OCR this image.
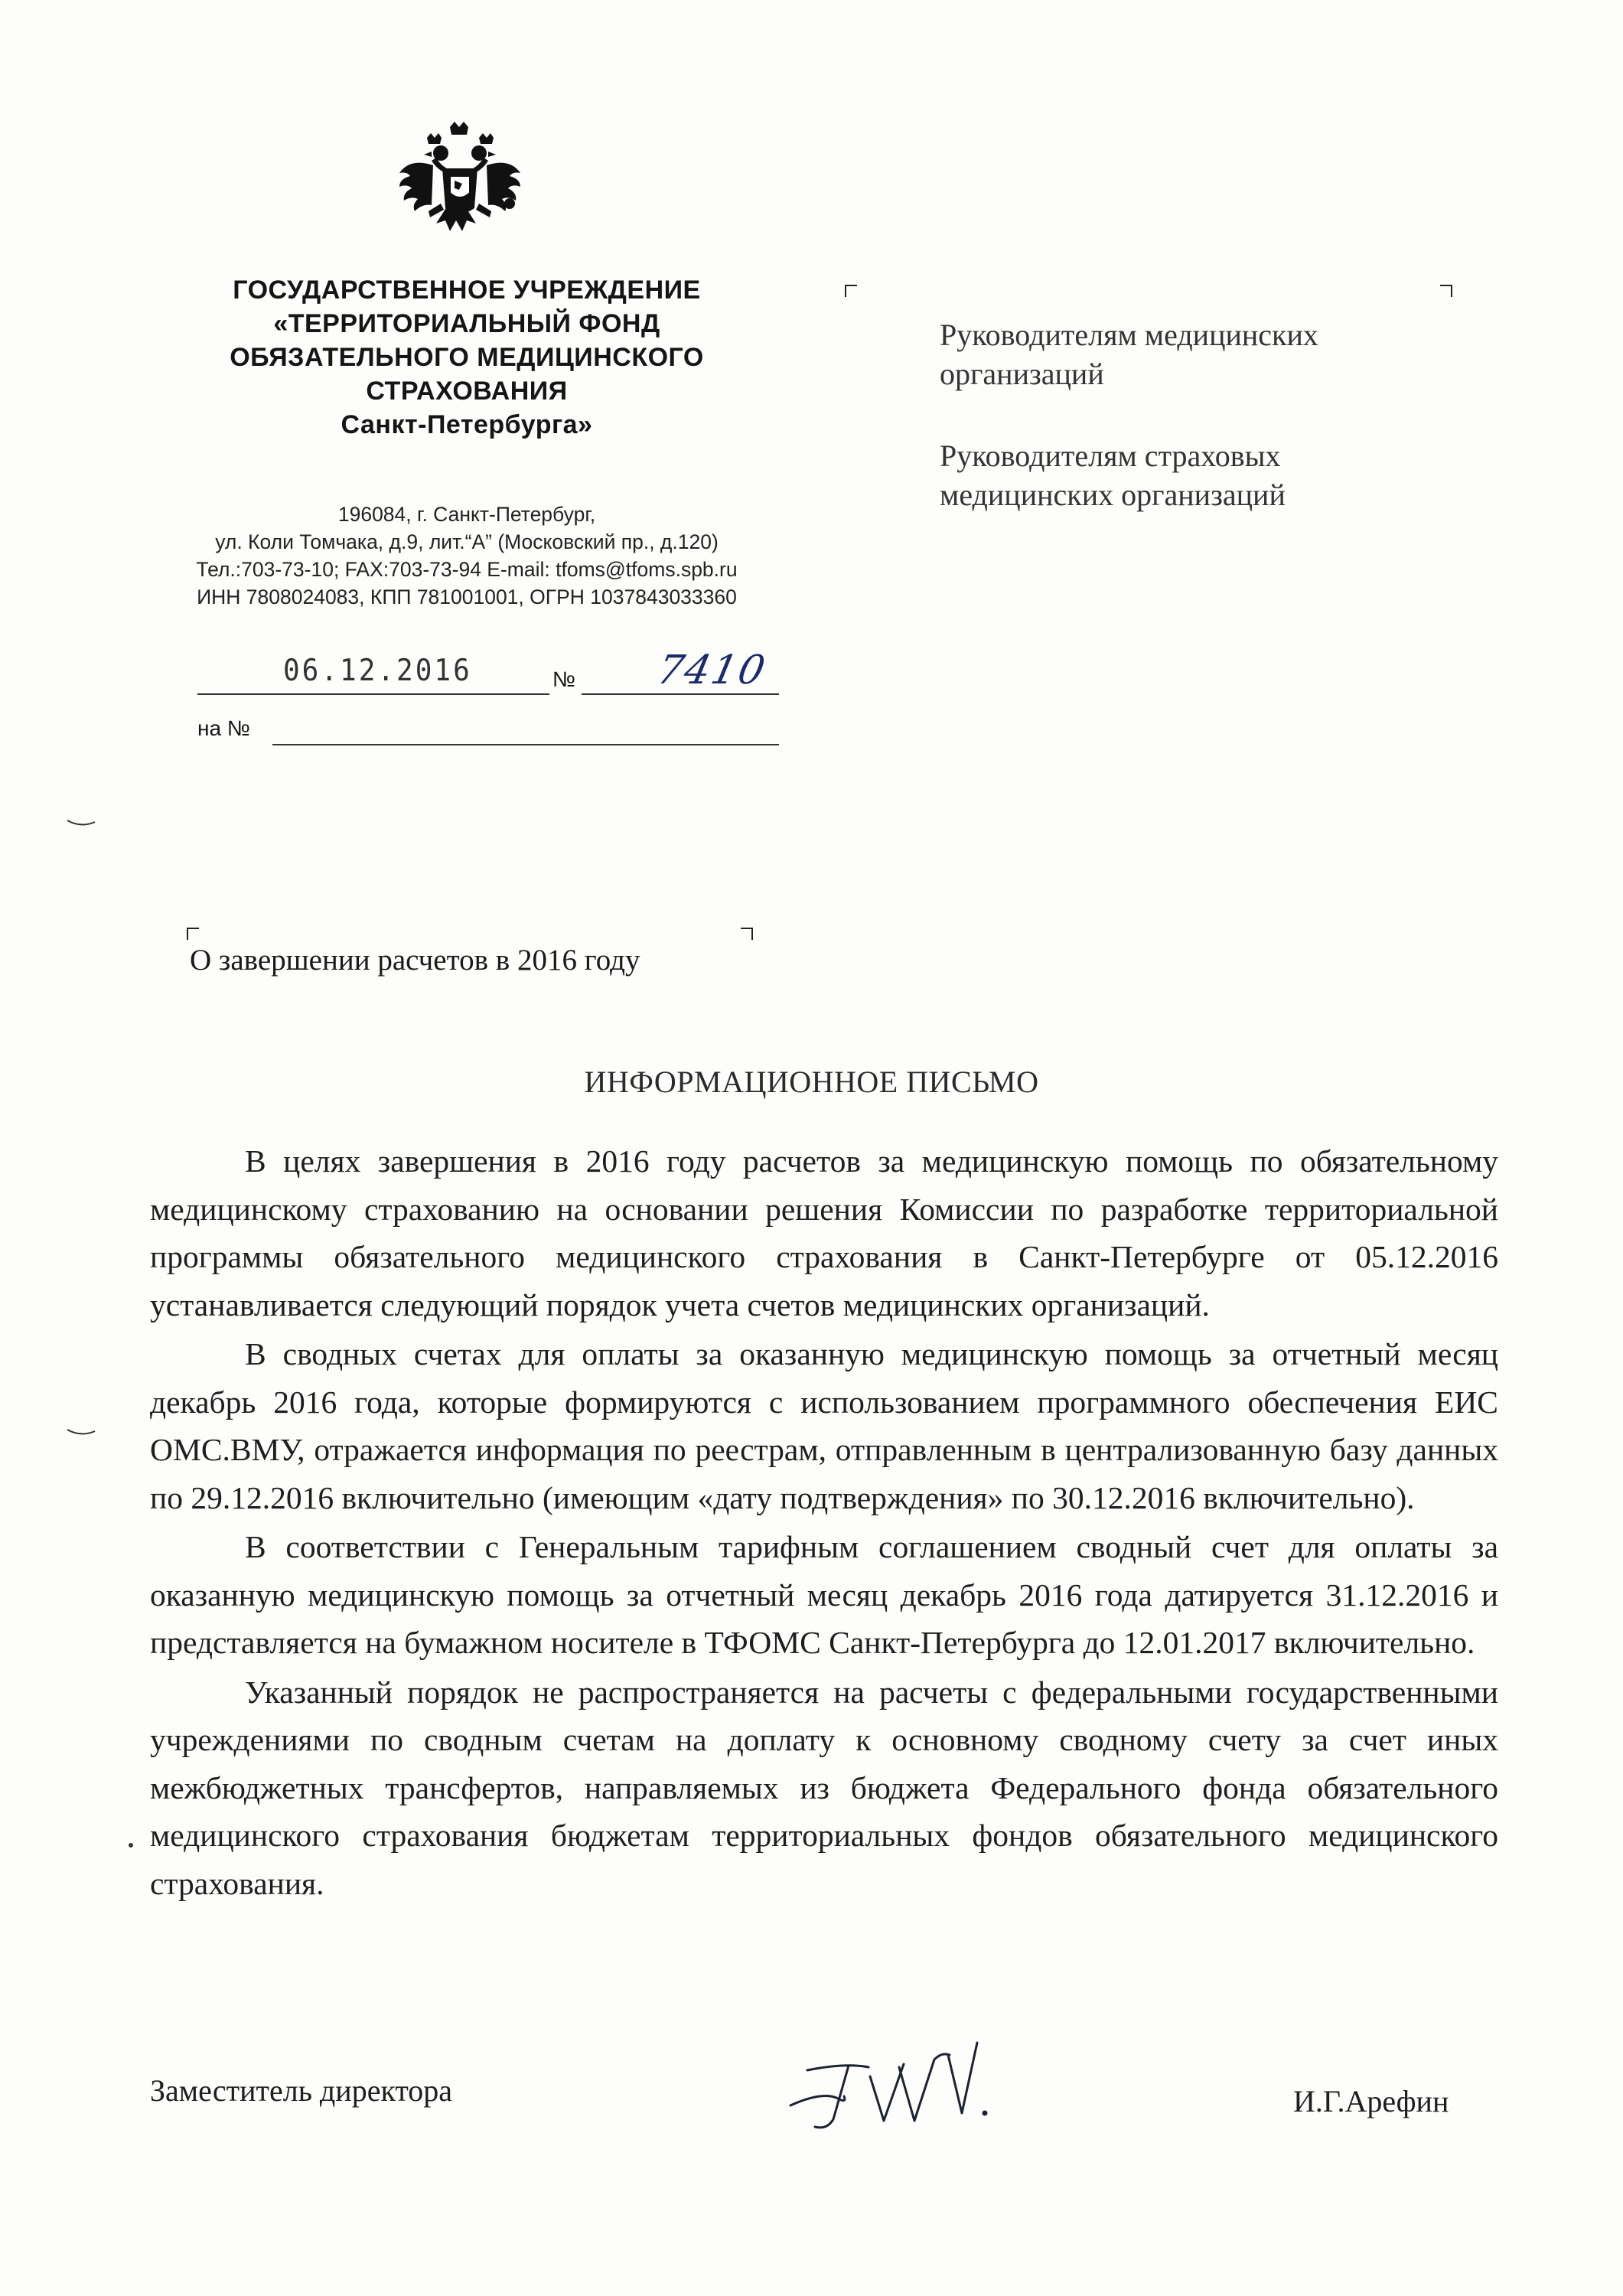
ГОСУДАРСТВЕННОЕ УЧРЕЖДЕНИЕ
«ТЕРРИТОРИАЛЬНЫЙ ФОНД
ОБЯЗАТЕЛЬНОГО МЕДИЦИНСКОГО
СТРАХОВАНИЯ
Санкт-Петербурга»
196084, г. Санкт-Петербург,
ул. Коли Томчака, д.9, лит.“А” (Московский пр., д.120)
Тел.:703-73-10; FAX:703-73-94 E-mail: tfoms@tfoms.spb.ru
ИНН 7808024083, КПП 781001001, ОГРН 1037843033360
06.12.2016	№ 7410
на №
Руководителям медицинских
организаций
Руководителям страховых
медицинских организаций
О завершении расчетов в 2016 году
ИНФОРМАЦИОННОЕ ПИСЬМО

В целях завершения в 2016 году расчетов за медицинскую помощь по обязательному медицинскому страхованию на основании решения Комиссии по разработке территориальной программы обязательного медицинского страхования в Санкт-Петербурге от 05.12.2016 устанавливается следующий порядок учета счетов медицинских организаций.

В сводных счетах для оплаты за оказанную медицинскую помощь за отчетный месяц декабрь 2016 года, которые формируются с использованием программного обеспечения ЕИС ОМС.ВМУ, отражается информация по реестрам, отправленным в централизованную базу данных по 29.12.2016 включительно (имеющим «дату подтверждения» по 30.12.2016 включительно).

В соответствии с Генеральным тарифным соглашением сводный счет для оплаты за оказанную медицинскую помощь за отчетный месяц декабрь 2016 года датируется 31.12.2016 и представляется на бумажном носителе в ТФОМС Санкт-Петербурга до 12.01.2017 включительно.

Указанный порядок не распространяется на расчеты с федеральными государственными учреждениями по сводным счетам на доплату к основному сводному счету за счет иных межбюджетных трансфертов, направляемых из бюджета Федерального фонда обязательного медицинского страхования бюджетам территориальных фондов обязательного медицинского страхования.

Заместитель директора	И.Г.Арефин
